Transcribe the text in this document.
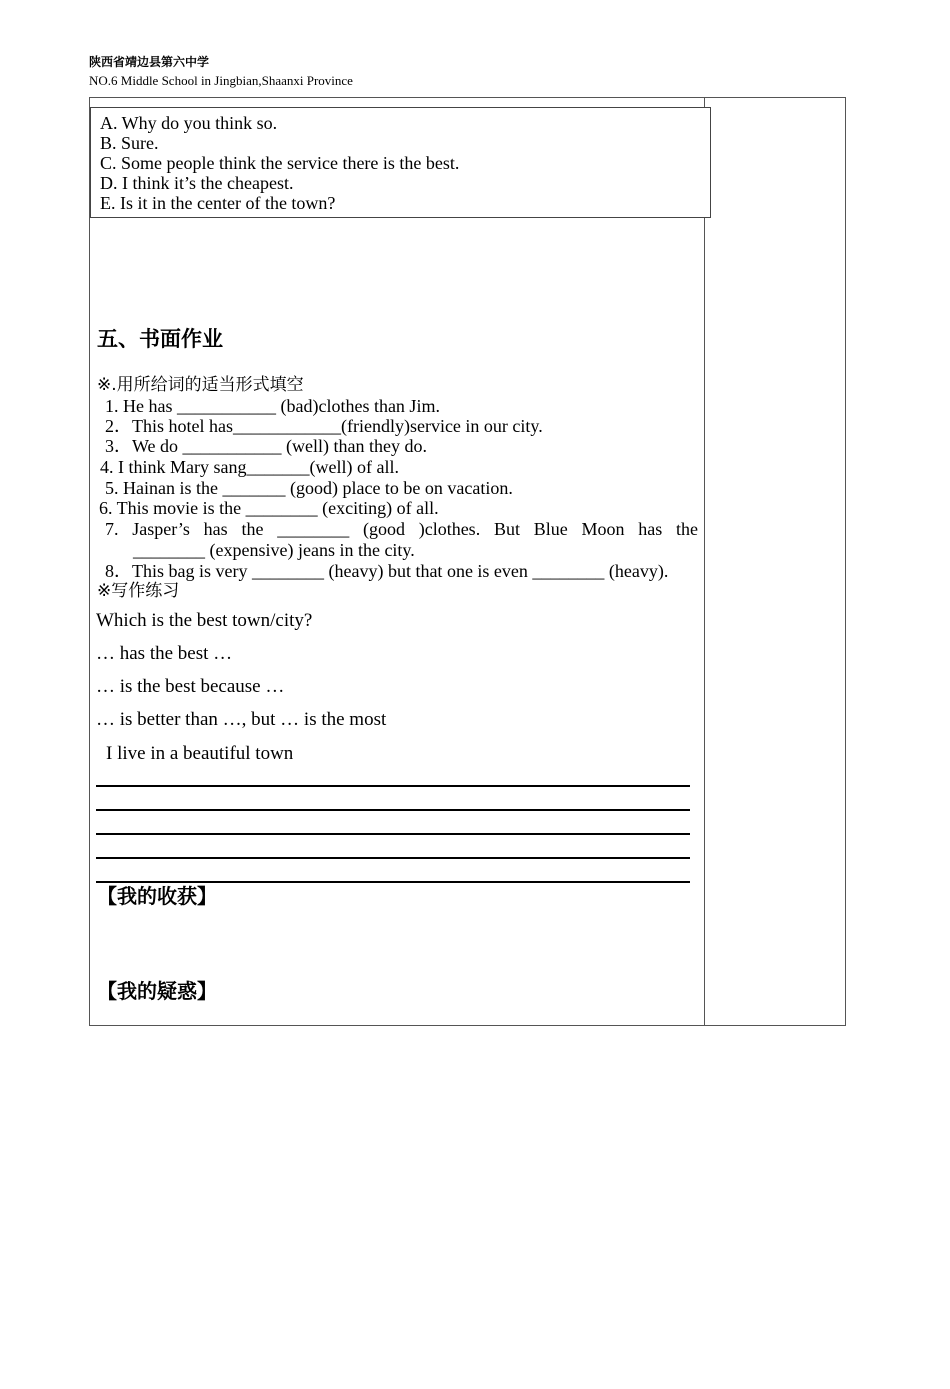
陕西省靖边县第六中学
NO.6 Middle School in Jingbian,Shaanxi Province
A. Why do you think so.
B. Sure.
C. Some people think the service there is the best.
D. I think it’s the cheapest.
E. Is it in the center of the town?
五、书面作业
※.用所给词的适当形式填空
1. He has ___________ (bad)clothes than Jim.
2．This hotel has____________(friendly)service in our city.
3．We do ___________ (well) than they do.
4. I think Mary sang_______(well) of all.
5. Hainan is the _______ (good) place to be on vacation.
6. This movie is the ________ (exciting) of all.
7. Jasper’s has the ________ (good )clothes. But Blue Moon has the
________ (expensive) jeans in the city.
8．This bag is very ________ (heavy) but that one is even ________ (heavy).
※写作练习
Which is the best town/city?
… has the best …
… is the best because …
… is better than …, but … is the most
I live in a beautiful town
【我的收获】
【我的疑惑】
